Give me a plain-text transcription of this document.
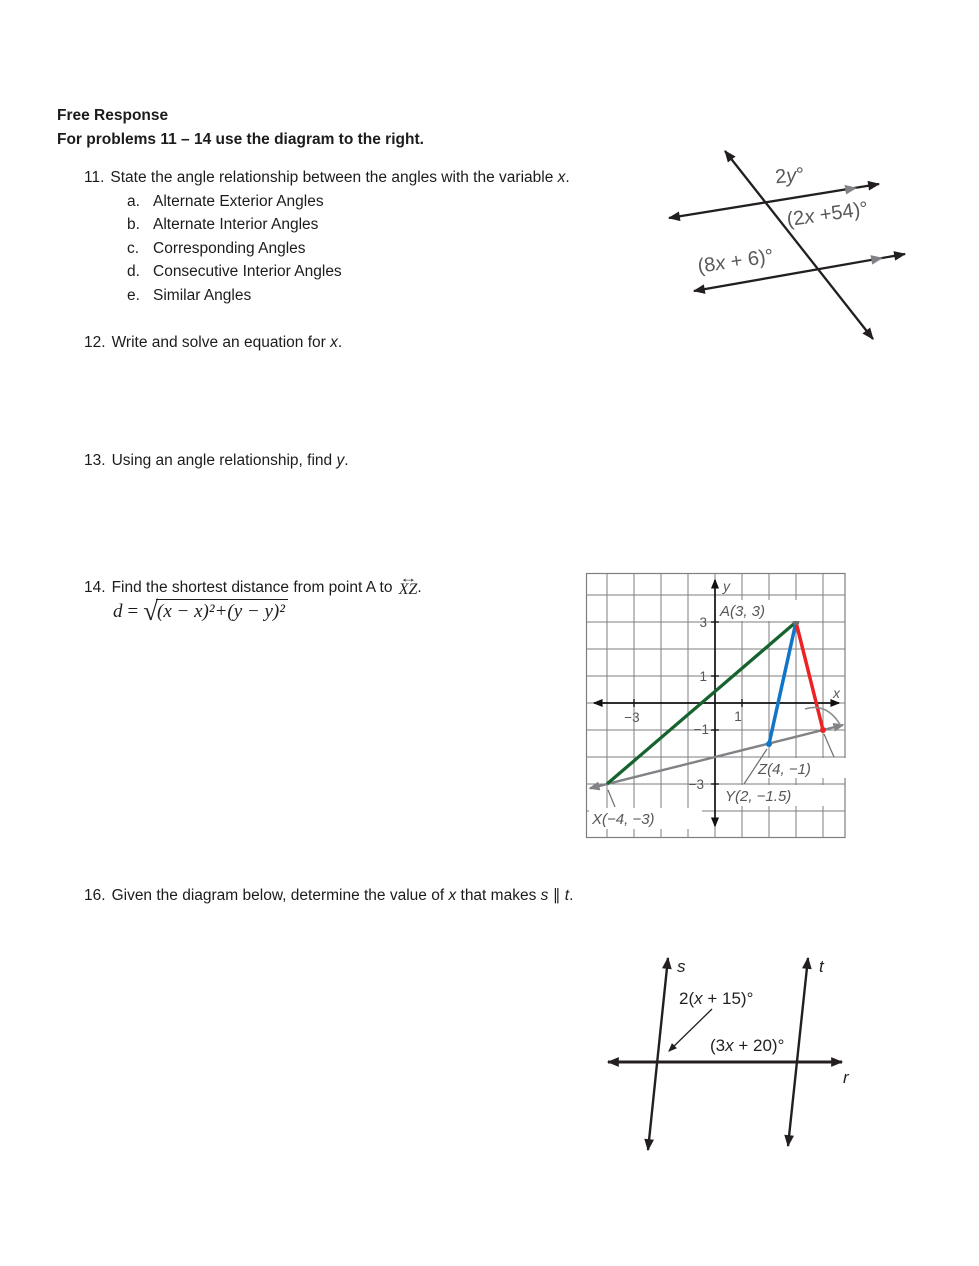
Free Response
For problems 11 – 14 use the diagram to the right.
11. State the angle relationship between the angles with the variable x.
a. Alternate Exterior Angles
b. Alternate Interior Angles
c. Corresponding Angles
d. Consecutive Interior Angles
e. Similar Angles
12. Write and solve an equation for x.
13. Using an angle relationship, find y.
14. Find the shortest distance from point A to
↔
XZ.
d = √(x − x)²+(y − y)²
16. Given the diagram below, determine the value of x that makes s ∥ t.
2y°
(2x +54)°
(8x + 6)°
A(3, 3)
Z(4, −1)
Y(2, −1.5)
X(−4, −3)
3
1
−1
−3
−3	1
y
x
s	t
r
2(x + 15)°
(3x + 20)°
